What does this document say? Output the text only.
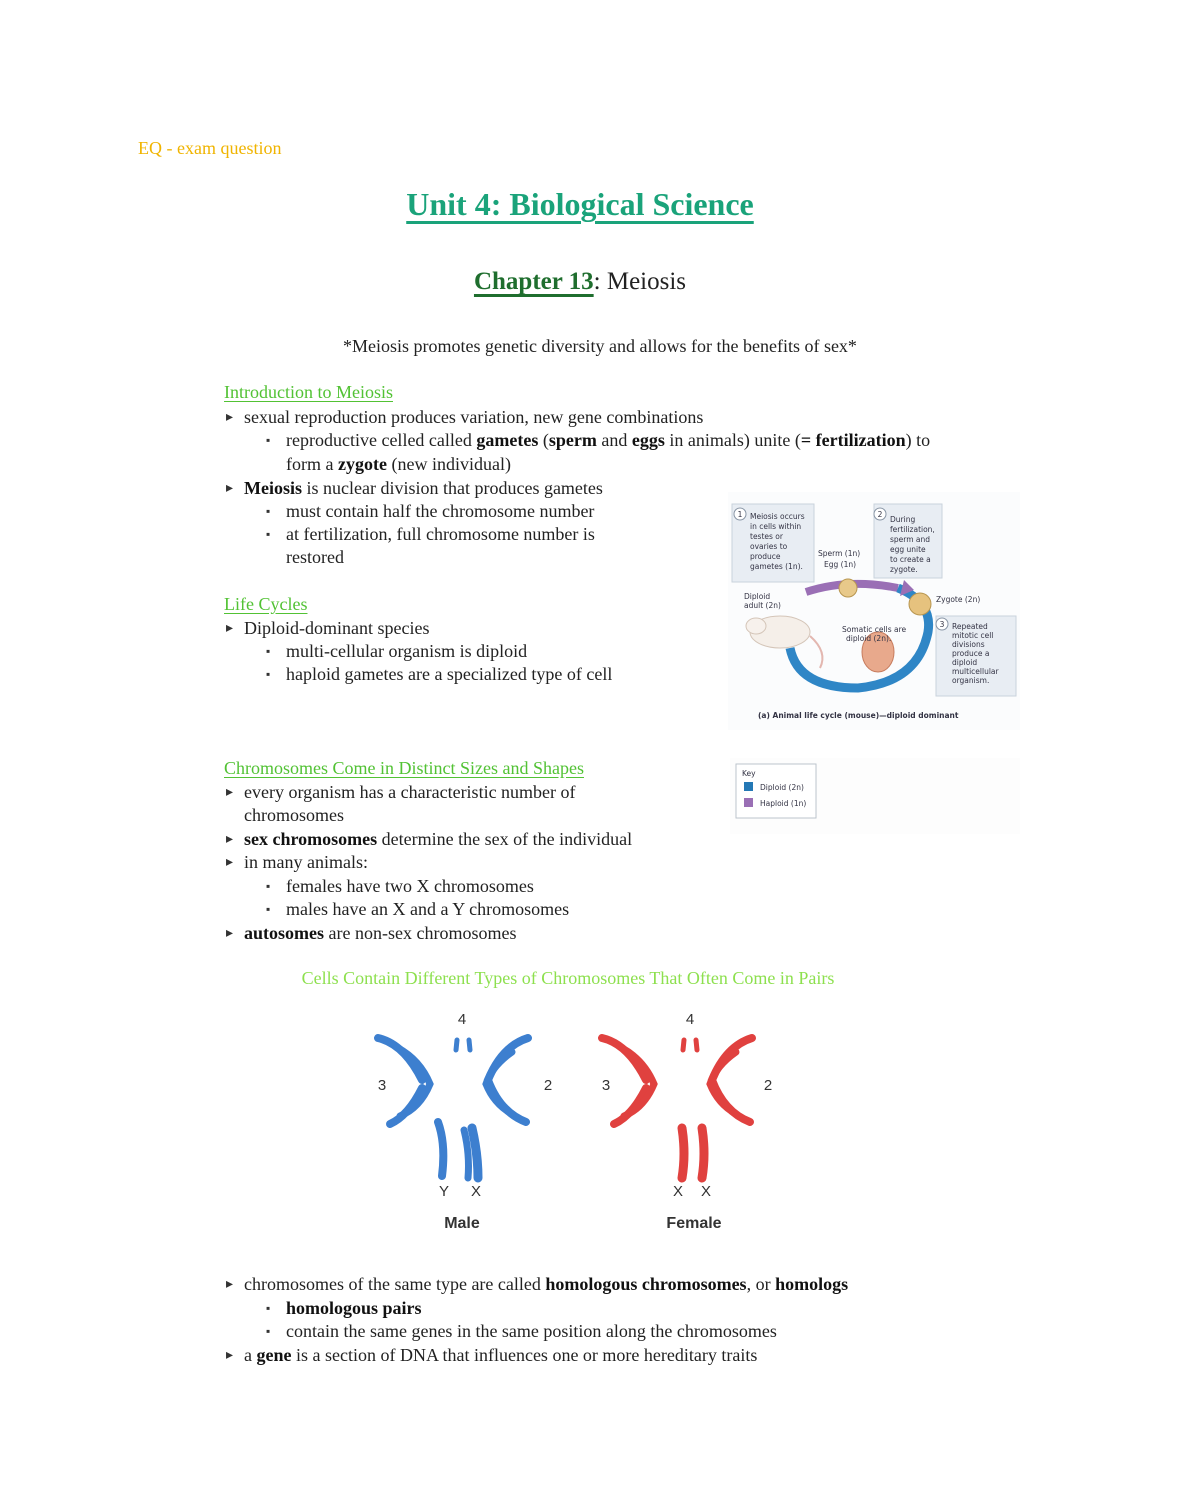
EQ - exam question
Unit 4: Biological Science
Chapter 13: Meiosis
*Meiosis promotes genetic diversity and allows for the benefits of sex*
Introduction to Meiosis
▸ sexual reproduction produces variation, new gene combinations
▪ reproductive celled called gametes (sperm and eggs in animals) unite (= fertilization) to
form a zygote (new individual)
▸ Meiosis is nuclear division that produces gametes
▪ must contain half the chromosome number
▪ at fertilization, full chromosome number is
restored
Life Cycles
▸ Diploid-dominant species
▪ multi-cellular organism is diploid
▪ haploid gametes are a specialized type of cell
1	2
3
Meiosis occurs
in cells within
testes or
ovaries to
produce
gametes (1n).
During
fertilization,
sperm and
egg unite
to create a
zygote.
Repeated
mitotic cell
divisions
produce a
diploid
multicellular
organism.
Sperm (1n)
Egg (1n)
Diploid
adult (2n)
Somatic cells are
diploid (2n).
Zygote (2n)
(a) Animal life cycle (mouse)—diploid dominant
Key
Diploid (2n)
Haploid (1n)
Chromosomes Come in Distinct Sizes and Shapes
▸ every organism has a characteristic number of
chromosomes
▸ sex chromosomes determine the sex of the individual
▸ in many animals:
▪ females have two X chromosomes
▪ males have an X and a Y chromosomes
▸ autosomes are non-sex chromosomes
Cells Contain Different Types of Chromosomes That Often Come in Pairs
4
3	2
Y X
Male
4
3	2
X X
Female
▸ chromosomes of the same type are called homologous chromosomes, or homologs
▪ homologous pairs
▪ contain the same genes in the same position along the chromosomes
▸ a gene is a section of DNA that influences one or more hereditary traits
